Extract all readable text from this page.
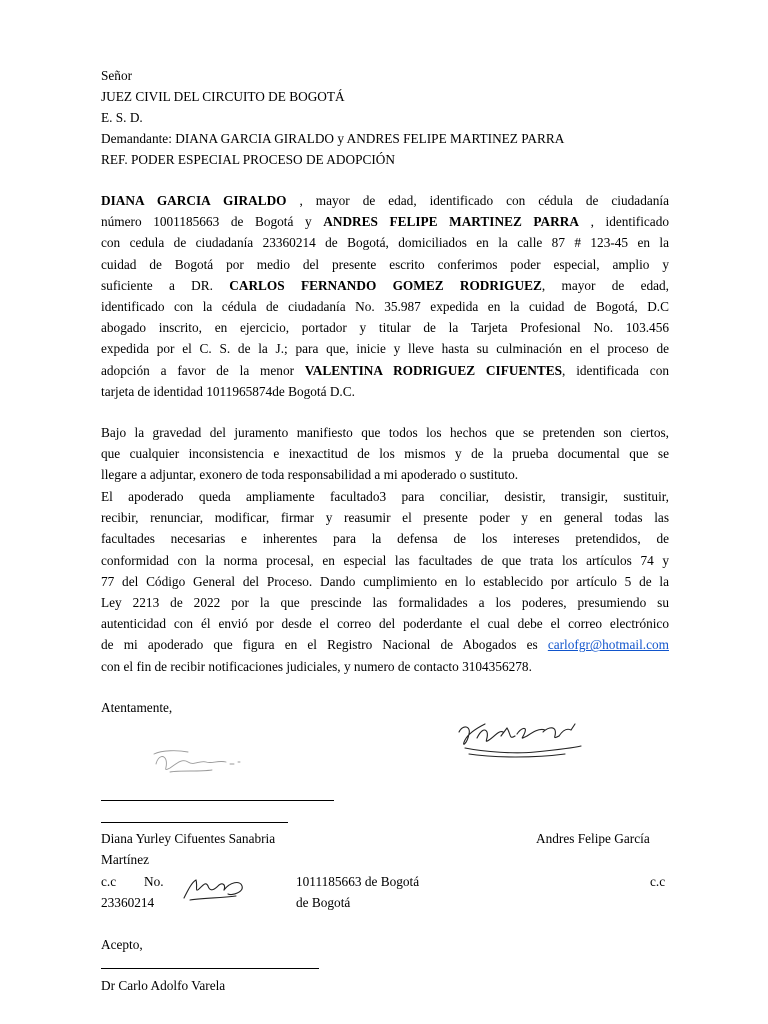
Señor
JUEZ CIVIL DEL CIRCUITO DE BOGOTÁ
E. S. D.
Demandante: DIANA GARCIA GIRALDO y ANDRES FELIPE MARTINEZ PARRA
REF. PODER ESPECIAL PROCESO DE ADOPCIÓN
DIANA GARCIA GIRALDO , mayor de edad, identificado con cédula de ciudadanía
número 1001185663 de Bogotá y ANDRES FELIPE MARTINEZ PARRA , identificado
con cedula de ciudadanía 23360214 de Bogotá, domiciliados en la calle 87 # 123-45 en la
cuidad de Bogotá por medio del presente escrito conferimos poder especial, amplio y
suficiente a DR. CARLOS FERNANDO GOMEZ RODRIGUEZ, mayor de edad,
identificado con la cédula de ciudadanía No. 35.987 expedida en la cuidad de Bogotá, D.C
abogado inscrito, en ejercicio, portador y titular de la Tarjeta Profesional No. 103.456
expedida por el C. S. de la J.; para que, inicie y lleve hasta su culminación en el proceso de
adopción a favor de la menor VALENTINA RODRIGUEZ CIFUENTES, identificada con
tarjeta de identidad 1011965874de Bogotá D.C.
Bajo la gravedad del juramento manifiesto que todos los hechos que se pretenden son ciertos,
que cualquier inconsistencia e inexactitud de los mismos y de la prueba documental que se
llegare a adjuntar, exonero de toda responsabilidad a mi apoderado o sustituto.
El apoderado queda ampliamente facultado3 para conciliar, desistir, transigir, sustituir,
recibir, renunciar, modificar, firmar y reasumir el presente poder y en general todas las
facultades necesarias e inherentes para la defensa de los intereses pretendidos, de
conformidad con la norma procesal, en especial las facultades de que trata los artículos 74 y
77 del Código General del Proceso. Dando cumplimiento en lo establecido por artículo 5 de la
Ley 2213 de 2022 por la que prescinde las formalidades a los poderes, presumiendo su
autenticidad con él envió por desde el correo del poderdante el cual debe el correo electrónico
de mi apoderado que figura en el Registro Nacional de Abogados es carlofgr@hotmail.com
con el fin de recibir notificaciones judiciales, y numero de contacto 3104356278.
Atentamente,
Diana Yurley Cifuentes Sanabria	Andres Felipe García
Martínez
c.c No.	1011185663 de Bogotá	c.c
23360214	de Bogotá
Acepto,
Dr Carlo Adolfo Varela
